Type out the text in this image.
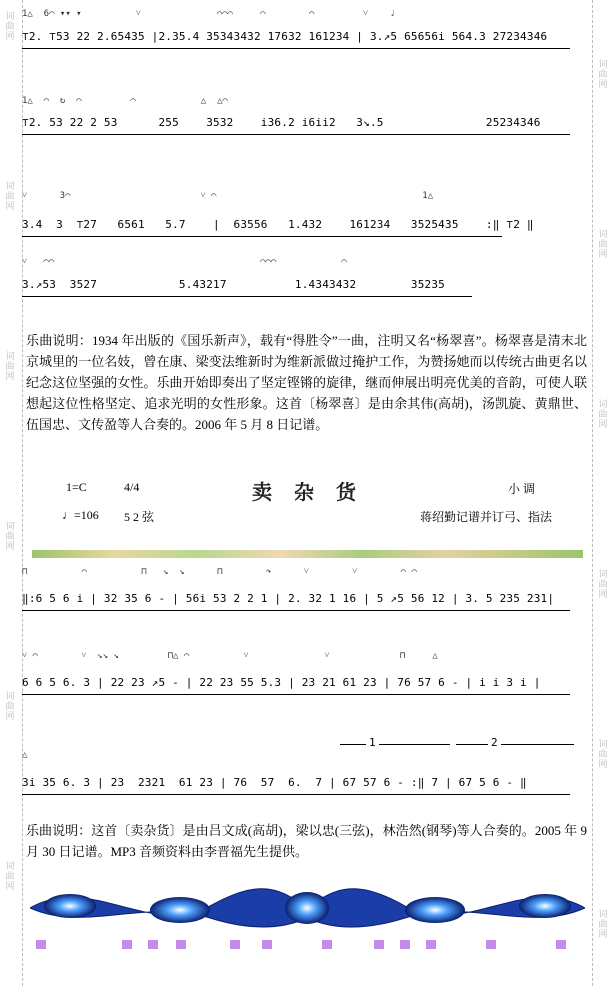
词
曲
网
词
曲
网
词
曲
网
词
曲
网
词
曲
网
词
曲
网
词
曲
网
词
曲
网
词
曲
网
词
曲
网
词
曲
网
词
曲
网
1△  6⌒ ▾▾ ▾          ˅              ⌒⌒⌒     ⌒        ⌒         ˅    ♩
⊤2. ⊤53 22 2.65435 |2.35.4 35343432 17632 161234 | 3.↗5 65656i 564.3 27234346
1△  ⌒  ↻  ⌒         ⌒            △  △⌒
⊤2. 53 22 2 53      255    3532    i36.2 i6ii2   3↘.5               25234346
˅      3⌒                        ˅ ⌒                                      1△
3.4  3  ⊤27   6561   5.7    |  63556   1.432    161234   3525435    :‖ ⊤2 ‖
˅   ⌒⌒                                      ⌒⌒⌒            ⌒
3.↗53  3527            5.43217          1.4343432        35235
乐曲说明：1934 年出版的《国乐新声》，载有“得胜令”一曲，注明又名“杨翠喜”。杨翠喜是清末北京城里的一位名妓，曾在康、梁变法维新时为维新派做过掩护工作，为赞扬她而以传统古曲更名以纪念这位坚强的女性。乐曲开始即奏出了坚定铿锵的旋律，继而伸展出明亮优美的音韵，可使人联想起这位性格坚定、追求光明的女性形象。这首〔杨翠喜〕是由余其伟(高胡)，汤凯旋、黄鼎世、伍国忠、文传盈等人合奏的。2006 年 5 月 8 日记谱。
1=C	4/4	卖杂货	小 调
♩=106 5 2 弦	蒋绍勤记谱并订弓、指法
⊓          ⌒          ⊓   ↘  ↘      ⊓        ↷      ˅        ˅        ⌒ ⌒
‖:6 5 6 i | 32 35 6 - | 56i 53 2 2 1 | 2. 32 1 16 | 5 ↗5 56 12 | 3. 5 235 231|
˅ ⌒        ˅  ↘↘ ↘         ⊓△ ⌒          ˅              ˅             ⊓     △
6 6 5 6. 3 | 22 23 ↗5 - | 22 23 55 5.3 | 23 21 61 23 | 76 57 6 - | i i 3 i |
1	2
△
3i 35 6. 3 | 23  2321  61 23 | 76  57  6.  7 | 67 57 6 - :‖ 7 | 67 5 6 - ‖
乐曲说明：这首〔卖杂货〕是由吕文成(高胡)，梁以忠(三弦)，林浩然(钢琴)等人合奏的。2005 年 9 月 30 日记谱。MP3 音频资料由李晋福先生提供。
